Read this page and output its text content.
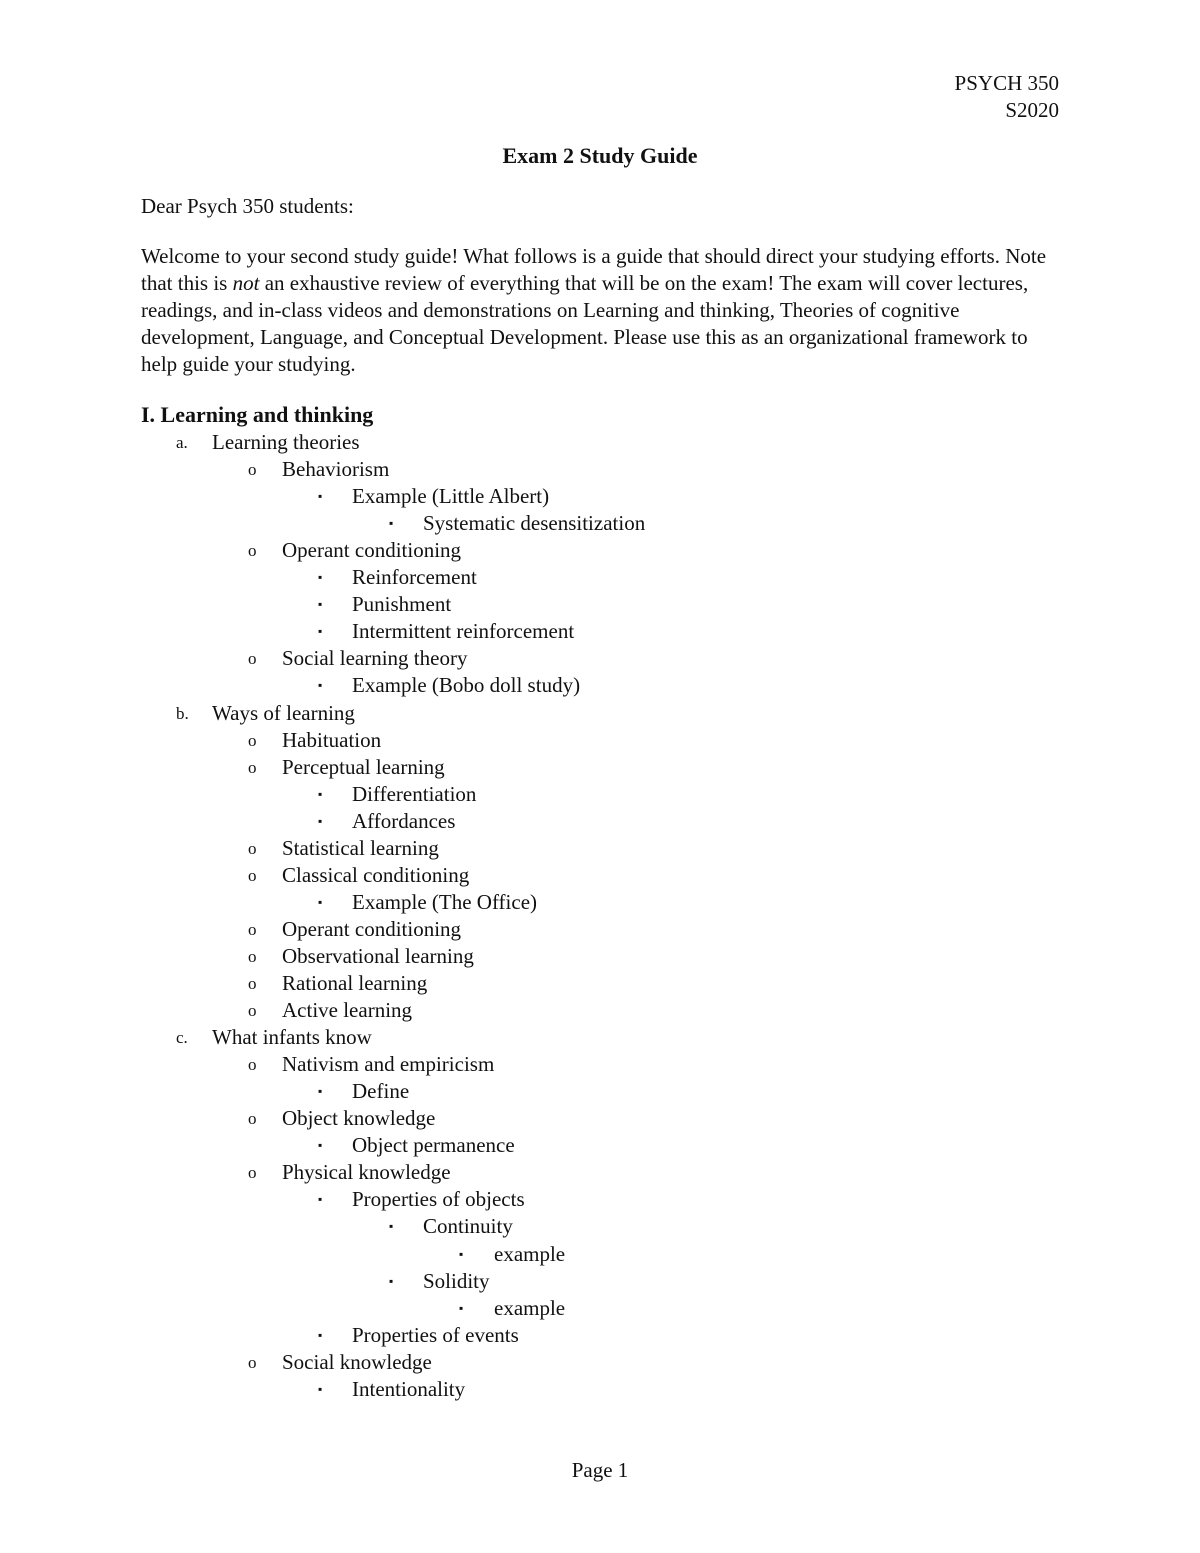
PSYCH 350
S2020
Exam 2 Study Guide
Dear Psych 350 students:

Welcome to your second study guide! What follows is a guide that should direct your studying efforts. Note that this is not an exhaustive review of everything that will be on the exam! The exam will cover lectures, readings, and in-class videos and demonstrations on Learning and thinking, Theories of cognitive development, Language, and Conceptual Development. Please use this as an organizational framework to help guide your studying.

I. Learning and thinking
a. Learning theories
o Behaviorism
▪ Example (Little Albert)
▪ Systematic desensitization
o Operant conditioning
▪ Reinforcement
▪ Punishment
▪ Intermittent reinforcement
o Social learning theory
▪ Example (Bobo doll study)
b. Ways of learning
o Habituation
o Perceptual learning
▪ Differentiation
▪ Affordances
o Statistical learning
o Classical conditioning
▪ Example (The Office)
o Operant conditioning
o Observational learning
o Rational learning
o Active learning
c. What infants know
o Nativism and empiricism
▪ Define
o Object knowledge
▪ Object permanence
o Physical knowledge
▪ Properties of objects
▪ Continuity
▪ example
▪ Solidity
▪ example
▪ Properties of events
o Social knowledge
▪ Intentionality
Page 1
